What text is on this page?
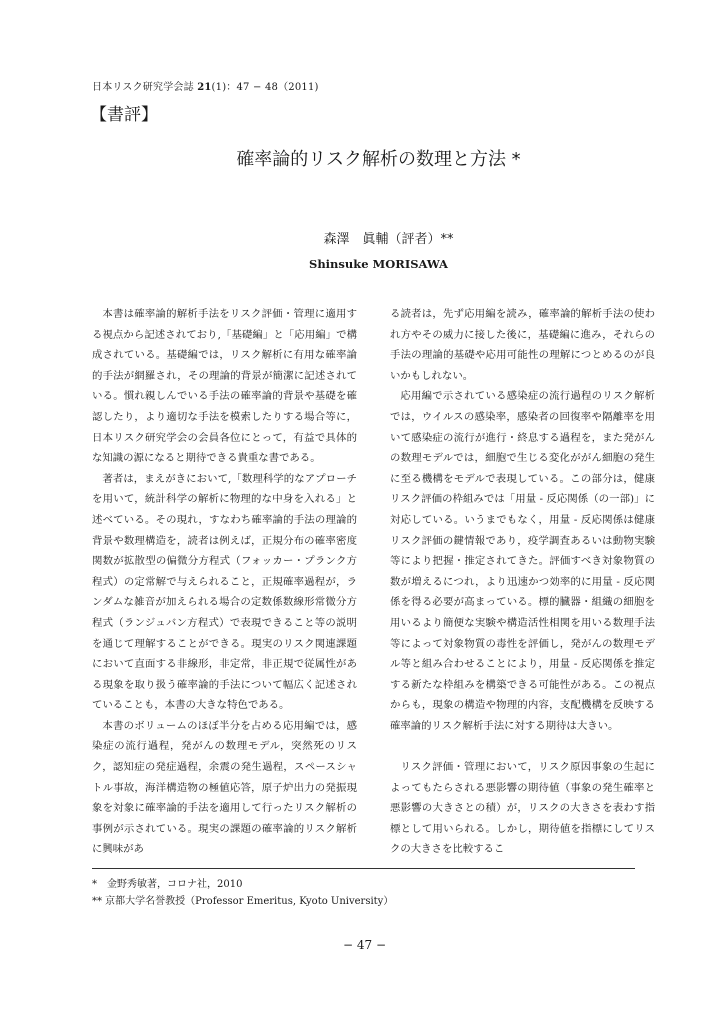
日本リスク研究学会誌 21(1)：47 − 48（2011)
【書評】
確率論的リスク解析の数理と方法 *
森澤　眞輔（評者）**
Shinsuke MORISAWA

本書は確率論的解析手法をリスク評価・管理に適用する視点から記述されており,「基礎編」と「応用編」で構成されている。基礎編では，リスク解析に有用な確率論的手法が網羅され，その理論的背景が簡潔に記述されている。慣れ親しんでいる手法の確率論的背景や基礎を確認したり，より適切な手法を模索したりする場合等に，日本リスク研究学会の会員各位にとって，有益で具体的な知識の源になると期待できる貴重な書である。

著者は，まえがきにおいて,「数理科学的なアプローチを用いて，統計科学の解析に物理的な中身を入れる」と述べている。その現れ，すなわち確率論的手法の理論的背景や数理構造を，読者は例えば，正規分布の確率密度関数が拡散型の偏微分方程式（フォッカー・プランク方程式）の定常解で与えられること，正規確率過程が，ランダムな雑音が加えられる場合の定数係数線形常微分方程式（ランジュバン方程式）で表現できること等の説明を通じて理解することができる。現実のリスク関連課題において直面する非線形，非定常，非正規で従属性がある現象を取り扱う確率論的手法について幅広く記述されていることも，本書の大きな特色である。

本書のボリュームのほぼ半分を占める応用編では，感染症の流行過程，発がんの数理モデル，突然死のリスク，認知症の発症過程，余震の発生過程，スペースシャトル事故，海洋構造物の極値応答，原子炉出力の発振現象を対象に確率論的手法を適用して行ったリスク解析の事例が示されている。現実の課題の確率論的リスク解析に興味があ

る読者は，先ず応用編を読み，確率論的解析手法の使われ方やその威力に接した後に，基礎編に進み，それらの手法の理論的基礎や応用可能性の理解につとめるのが良いかもしれない。

応用編で示されている感染症の流行過程のリスク解析では，ウイルスの感染率，感染者の回復率や隔離率を用いて感染症の流行が進行・終息する過程を，また発がんの数理モデルでは，細胞で生じる変化ががん細胞の発生に至る機構をモデルで表現している。この部分は，健康リスク評価の枠組みでは「用量 - 反応関係（の一部)」に対応している。いうまでもなく，用量 - 反応関係は健康リスク評価の鍵情報であり，疫学調査あるいは動物実験等により把握・推定されてきた。評価すべき対象物質の数が増えるにつれ，より迅速かつ効率的に用量 - 反応関係を得る必要が高まっている。標的臓器・組織の細胞を用いるより簡便な実験や構造活性相関を用いる数理手法等によって対象物質の毒性を評価し，発がんの数理モデル等と組み合わせることにより，用量 - 反応関係を推定する新たな枠組みを構築できる可能性がある。この視点からも，現象の構造や物理的内容，支配機構を反映する確率論的リスク解析手法に対する期待は大きい。

リスク評価・管理において，リスク原因事象の生起によってもたらされる悪影響の期待値（事象の発生確率と悪影響の大きさとの積）が，リスクの大きさを表わす指標として用いられる。しかし，期待値を指標にしてリスクの大きさを比較するこ

*　金野秀敏著，コロナ社，2010
** 京都大学名誉教授（Professor Emeritus, Kyoto University）
− 47 −
